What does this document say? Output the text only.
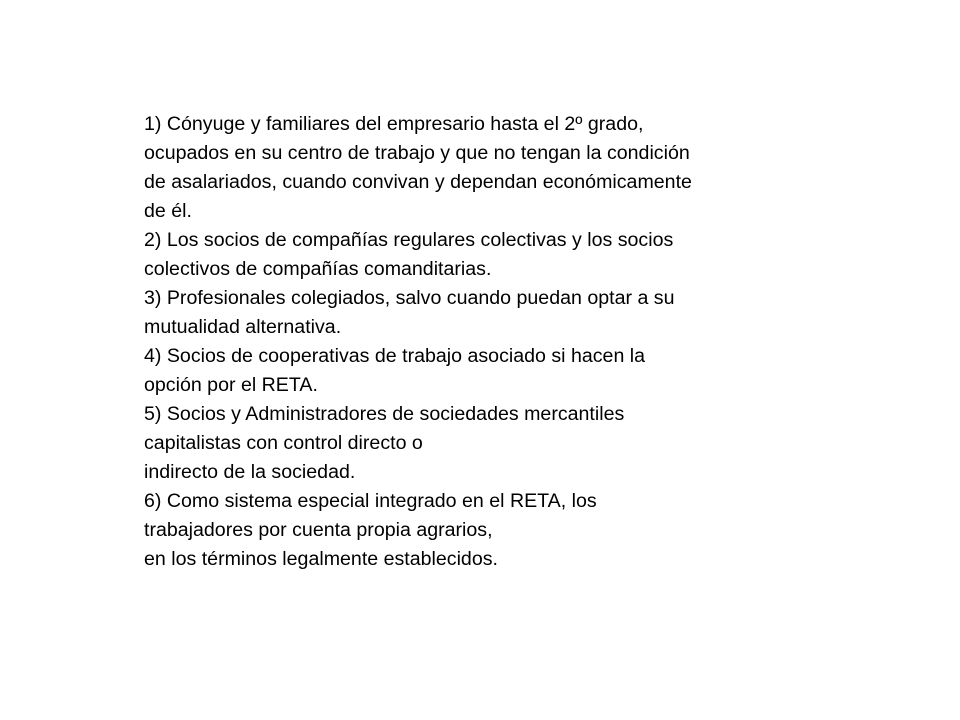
1) Cónyuge y familiares del empresario hasta el 2º grado,
ocupados en su centro de trabajo y que no tengan la condición
de asalariados, cuando convivan y dependan económicamente
de él.

2) Los socios de compañías regulares colectivas y los socios
colectivos de compañías comanditarias.

3) Profesionales colegiados, salvo cuando puedan optar a su
mutualidad alternativa.

4) Socios de cooperativas de trabajo asociado si hacen la
opción por el RETA.

5) Socios y Administradores de sociedades mercantiles
capitalistas con control directo o
indirecto de la sociedad.

6) Como sistema especial integrado en el RETA, los
trabajadores por cuenta propia agrarios,
en los términos legalmente establecidos.
